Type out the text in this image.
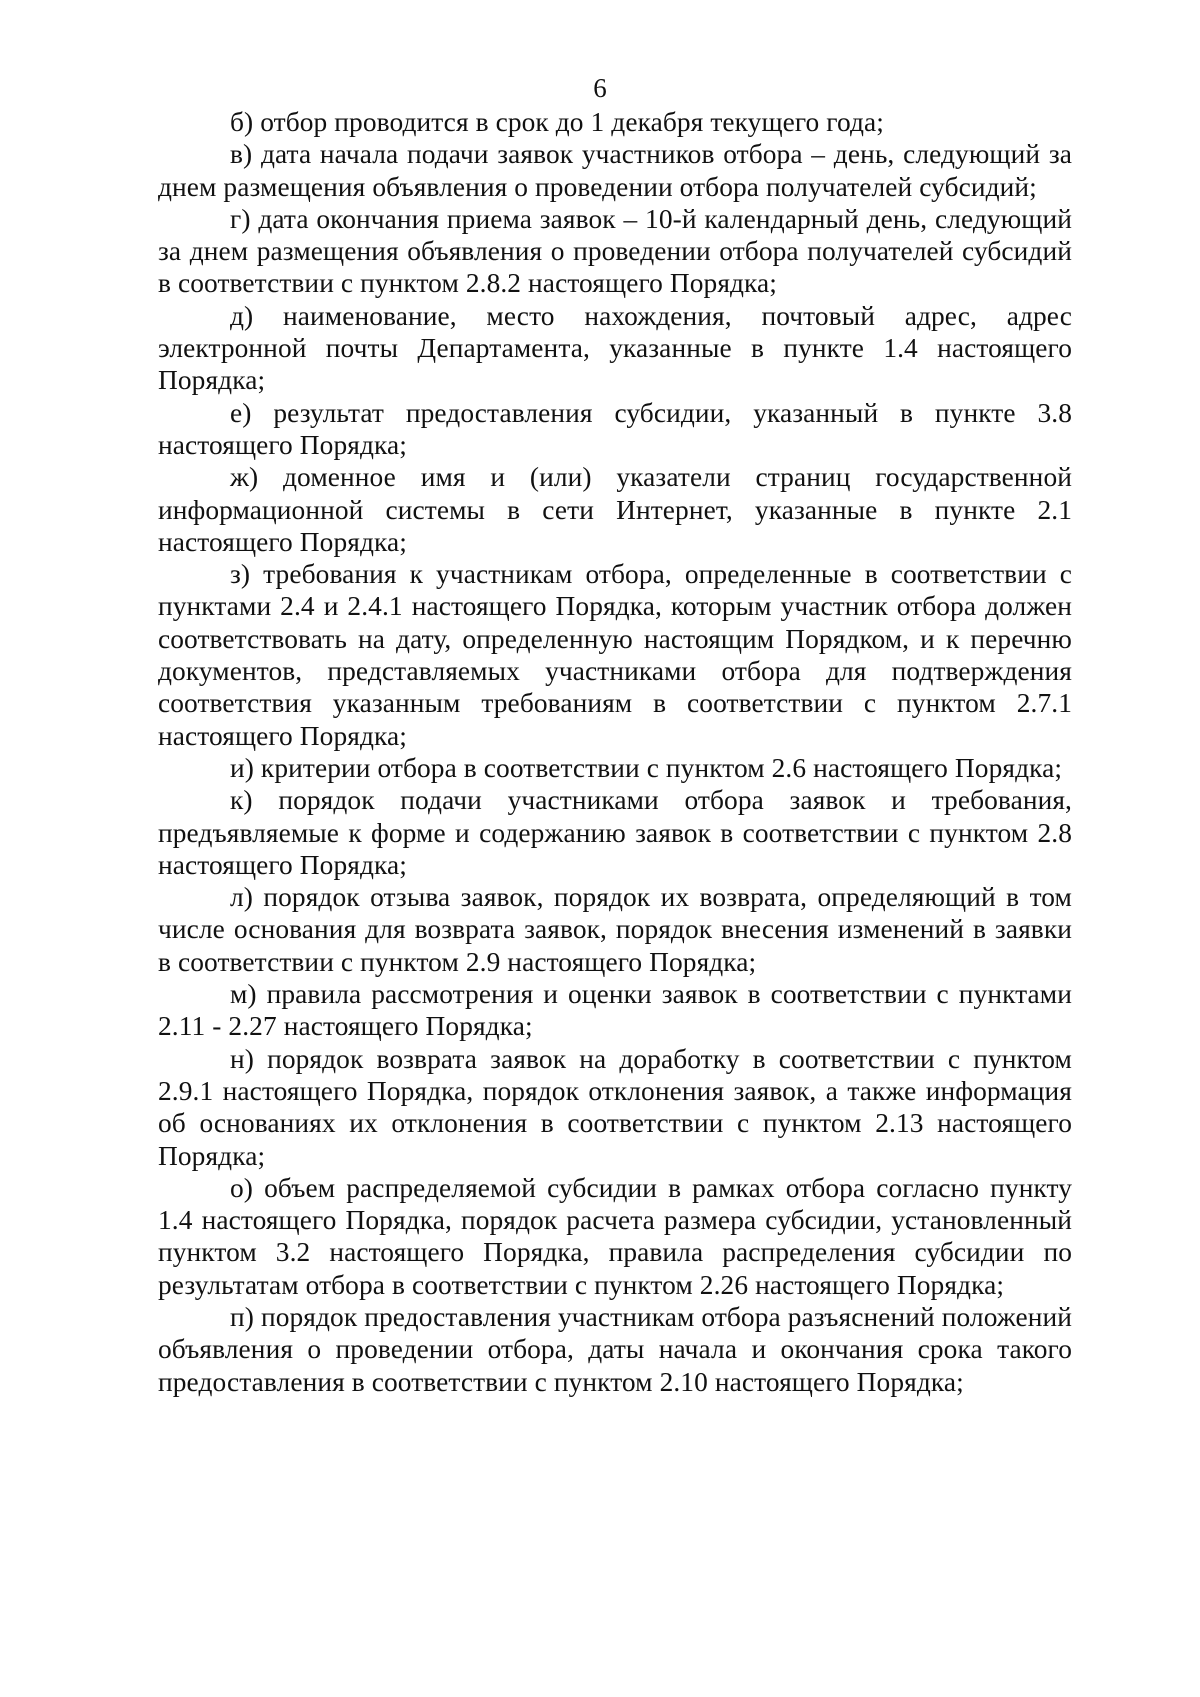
6

б) отбор проводится в срок до 1 декабря текущего года;

в) дата начала подачи заявок участников отбора – день, следующий за днем размещения объявления о проведении отбора получателей субсидий;

г) дата окончания приема заявок – 10-й календарный день, следующий за днем размещения объявления о проведении отбора получателей субсидий в соответствии с пунктом 2.8.2 настоящего Порядка;

д) наименование, место нахождения, почтовый адрес, адрес электронной почты Департамента, указанные в пункте 1.4 настоящего Порядка;

е) результат предоставления субсидии, указанный в пункте 3.8 настоящего Порядка;

ж) доменное имя и (или) указатели страниц государственной информационной системы в сети Интернет, указанные в пункте 2.1 настоящего Порядка;

з) требования к участникам отбора, определенные в соответствии с пунктами 2.4 и 2.4.1 настоящего Порядка, которым участник отбора должен соответствовать на дату, определенную настоящим Порядком, и к перечню документов, представляемых участниками отбора для подтверждения соответствия указанным требованиям в соответствии с пунктом 2.7.1 настоящего Порядка;

и) критерии отбора в соответствии с пунктом 2.6 настоящего Порядка;

к) порядок подачи участниками отбора заявок и требования, предъявляемые к форме и содержанию заявок в соответствии с пунктом 2.8 настоящего Порядка;

л) порядок отзыва заявок, порядок их возврата, определяющий в том числе основания для возврата заявок, порядок внесения изменений в заявки в соответствии с пунктом 2.9 настоящего Порядка;

м) правила рассмотрения и оценки заявок в соответствии с пунктами 2.11 - 2.27 настоящего Порядка;

н) порядок возврата заявок на доработку в соответствии с пунктом 2.9.1 настоящего Порядка, порядок отклонения заявок, а также информация об основаниях их отклонения в соответствии с пунктом 2.13 настоящего Порядка;

о) объем распределяемой субсидии в рамках отбора согласно пункту 1.4 настоящего Порядка, порядок расчета размера субсидии, установленный пунктом 3.2 настоящего Порядка, правила распределения субсидии по результатам отбора в соответствии с пунктом 2.26 настоящего Порядка;

п) порядок предоставления участникам отбора разъяснений положений объявления о проведении отбора, даты начала и окончания срока такого предоставления в соответствии с пунктом 2.10 настоящего Порядка;
